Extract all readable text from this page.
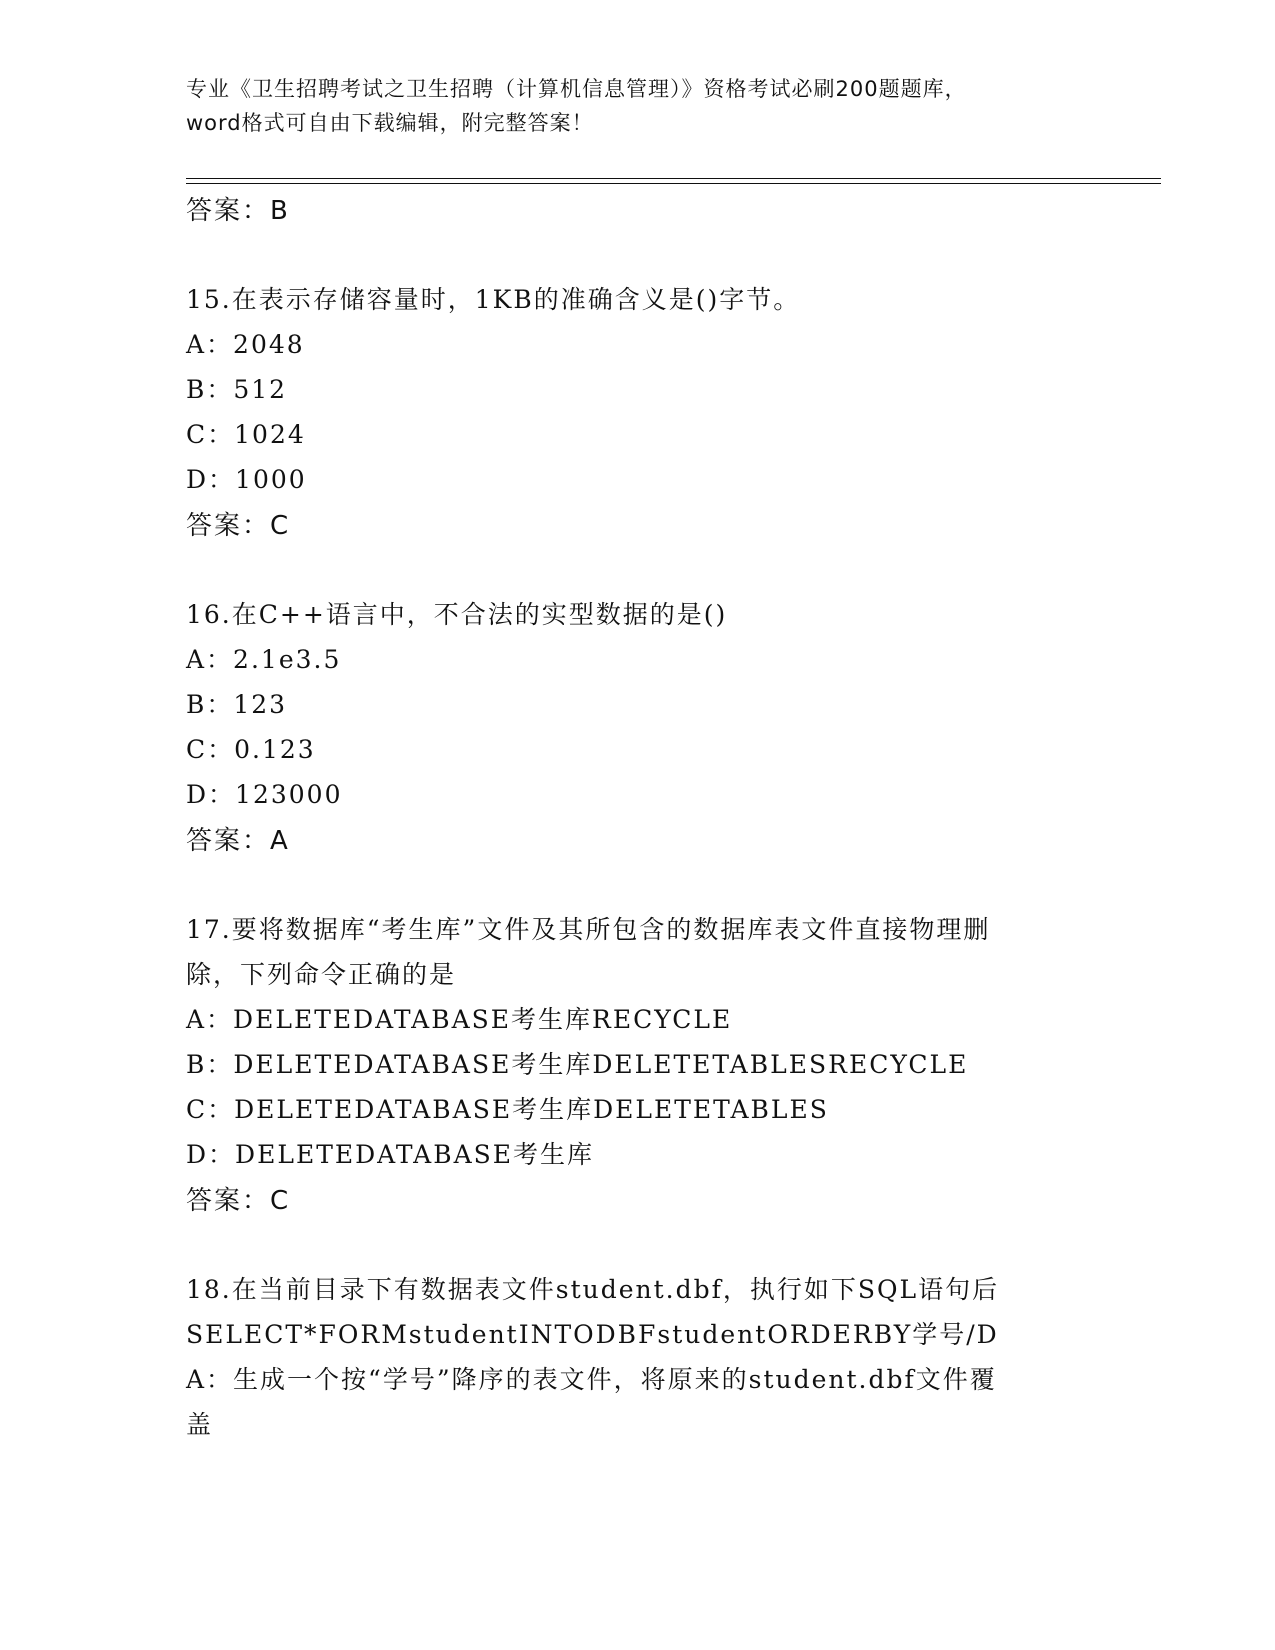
专业《卫生招聘考试之卫生招聘（计算机信息管理）》资格考试必刷200题题库，
word格式可自由下载编辑，附完整答案！
答案：B
15.在表示存储容量时，1KB的准确含义是()字节。
A：2048
B：512
C：1024
D：1000
答案：C
16.在C++语言中，不合法的实型数据的是()
A：2.1e3.5
B：123
C：0.123
D：123000
答案：A
17.要将数据库“考生库”文件及其所包含的数据库表文件直接物理删
除，下列命令正确的是
A：DELETEDATABASE考生库RECYCLE
B：DELETEDATABASE考生库DELETETABLESRECYCLE
C：DELETEDATABASE考生库DELETETABLES
D：DELETEDATABASE考生库
答案：C
18.在当前目录下有数据表文件student.dbf，执行如下SQL语句后
SELECT*FORMstudentINTODBFstudentORDERBY学号/D
A：生成一个按“学号”降序的表文件，将原来的student.dbf文件覆
盖
